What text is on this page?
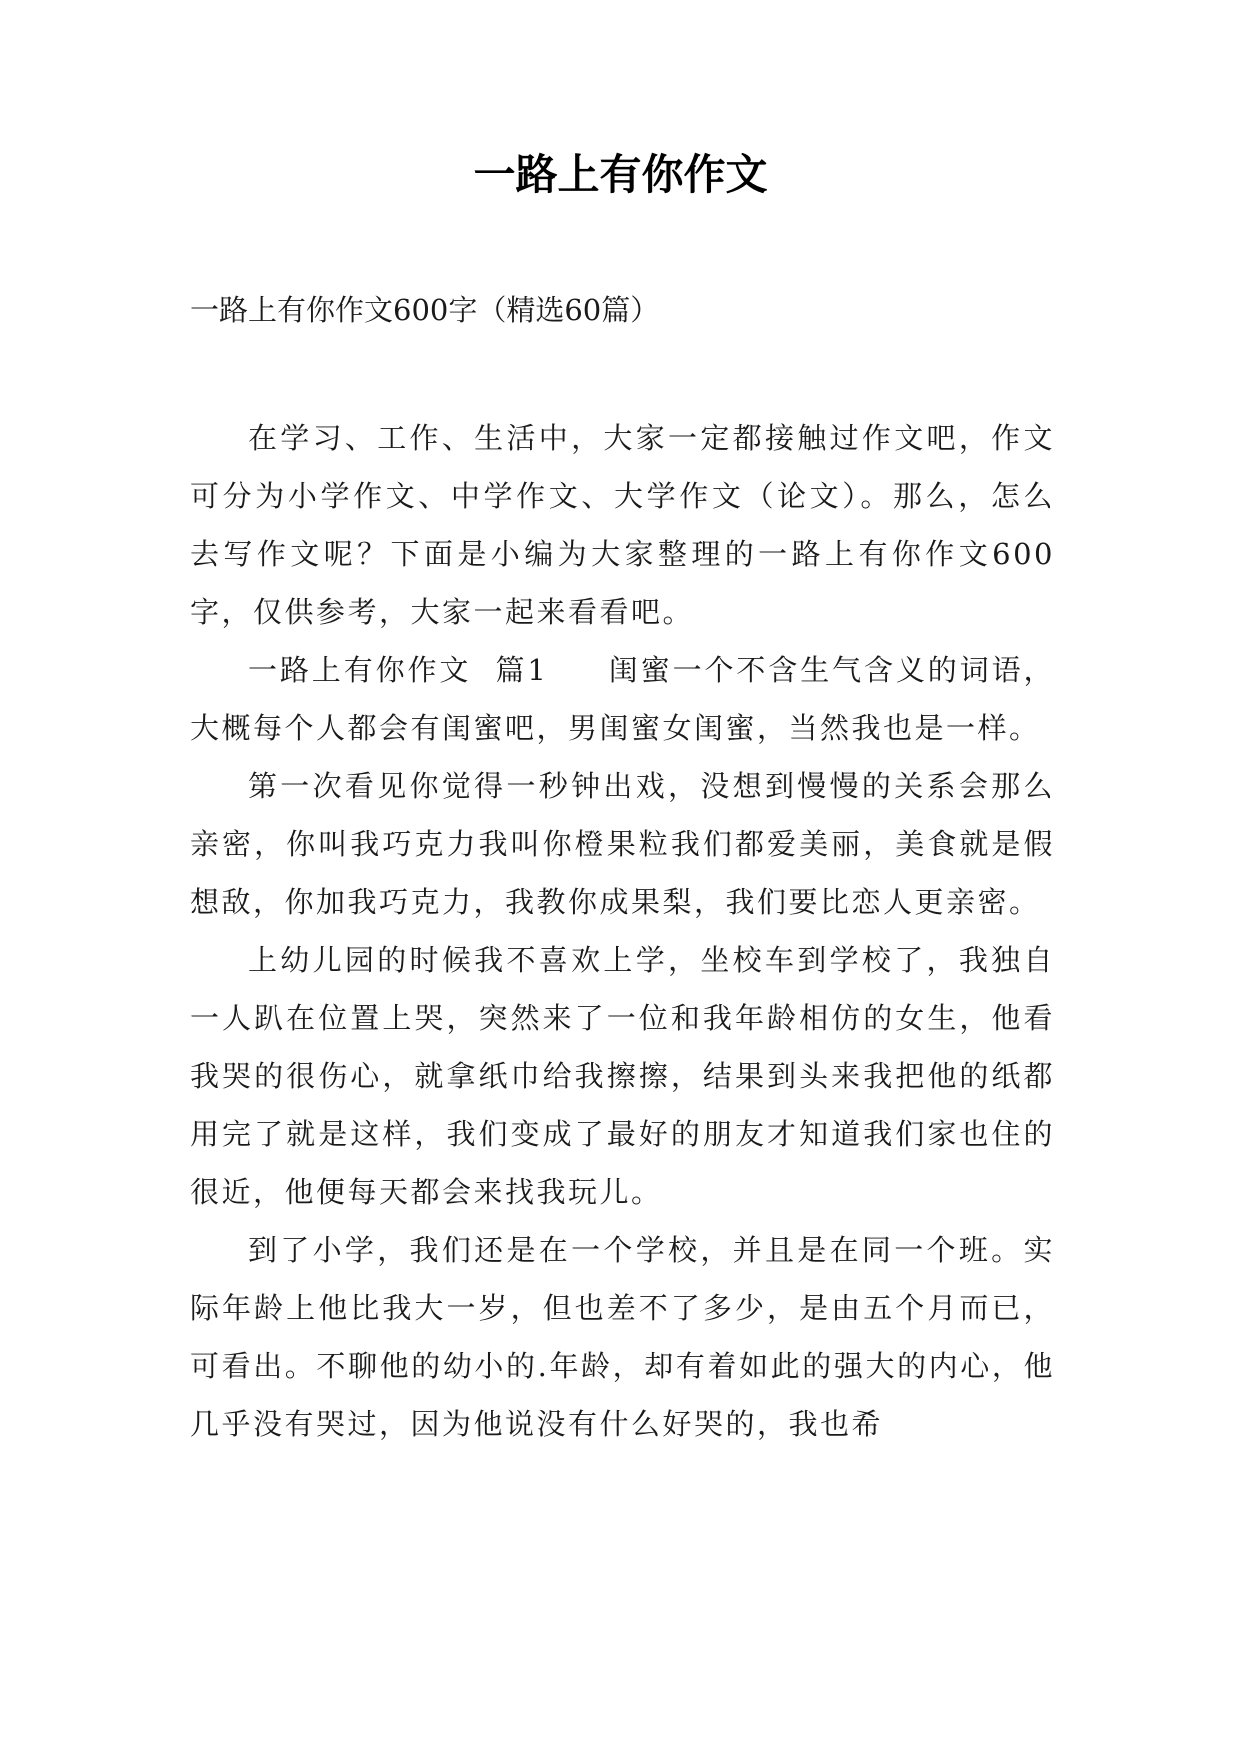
一路上有你作文

一路上有你作文600字（精选60篇）

在学习、工作、生活中，大家一定都接触过作文吧，作文可分为小学作文、中学作文、大学作文（论文）。那么，怎么去写作文呢？下面是小编为大家整理的一路上有你作文600字，仅供参考，大家一起来看看吧。

一路上有你作文  篇1 闺蜜一个不含生气含义的词语，大概每个人都会有闺蜜吧，男闺蜜女闺蜜，当然我也是一样。

第一次看见你觉得一秒钟出戏，没想到慢慢的关系会那么亲密，你叫我巧克力我叫你橙果粒我们都爱美丽，美食就是假想敌，你加我巧克力，我教你成果梨，我们要比恋人更亲密。

上幼儿园的时候我不喜欢上学，坐校车到学校了，我独自一人趴在位置上哭，突然来了一位和我年龄相仿的女生，他看我哭的很伤心，就拿纸巾给我擦擦，结果到头来我把他的纸都用完了就是这样，我们变成了最好的朋友才知道我们家也住的很近，他便每天都会来找我玩儿。

到了小学，我们还是在一个学校，并且是在同一个班。实际年龄上他比我大一岁，但也差不了多少，是由五个月而已，可看出。不聊他的幼小的.年龄，却有着如此的强大的内心，他几乎没有哭过，因为他说没有什么好哭的，我也希
